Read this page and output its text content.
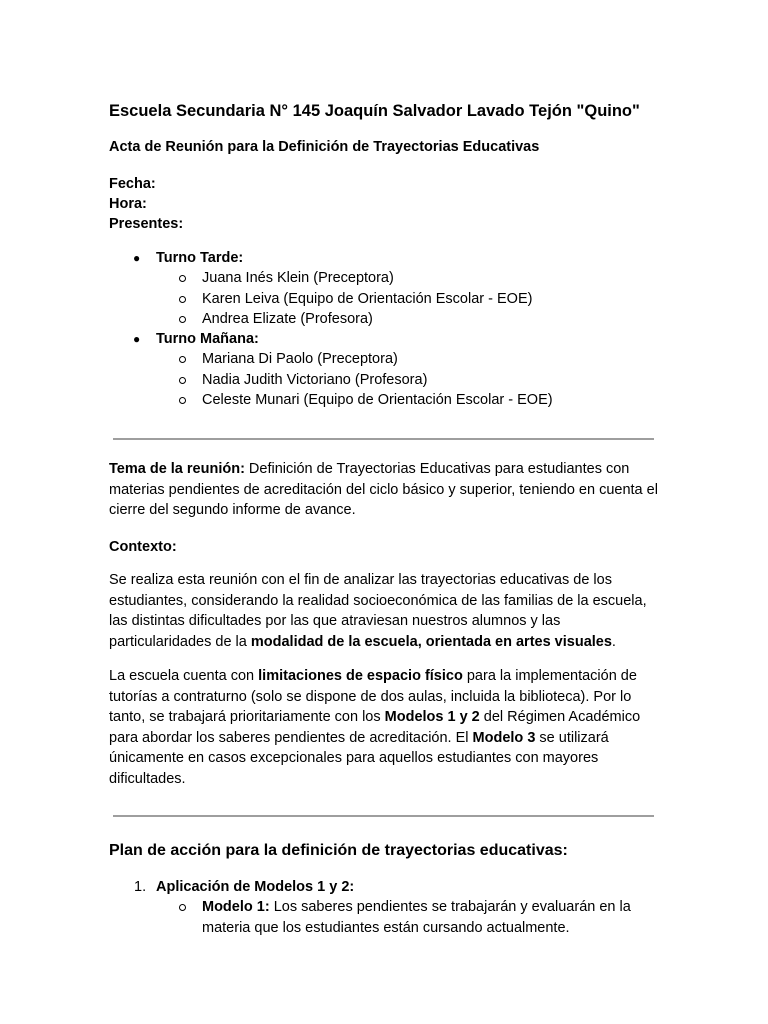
Escuela Secundaria N° 145 Joaquín Salvador Lavado Tejón "Quino"
Acta de Reunión para la Definición de Trayectorias Educativas
Fecha:
Hora:
Presentes:
● Turno Tarde:
Juana Inés Klein (Preceptora)
Karen Leiva (Equipo de Orientación Escolar - EOE)
Andrea Elizate (Profesora)
● Turno Mañana:
Mariana Di Paolo (Preceptora)
Nadia Judith Victoriano (Profesora)
Celeste Munari (Equipo de Orientación Escolar - EOE)
Tema de la reunión: Definición de Trayectorias Educativas para estudiantes con materias pendientes de acreditación del ciclo básico y superior, teniendo en cuenta el cierre del segundo informe de avance.
Contexto:
Se realiza esta reunión con el fin de analizar las trayectorias educativas de los estudiantes, considerando la realidad socioeconómica de las familias de la escuela, las distintas dificultades por las que atraviesan nuestros alumnos y las particularidades de la modalidad de la escuela, orientada en artes visuales.
La escuela cuenta con limitaciones de espacio físico para la implementación de tutorías a contraturno (solo se dispone de dos aulas, incluida la biblioteca). Por lo tanto, se trabajará prioritariamente con los Modelos 1 y 2 del Régimen Académico para abordar los saberes pendientes de acreditación. El Modelo 3 se utilizará únicamente en casos excepcionales para aquellos estudiantes con mayores dificultades.
Plan de acción para la definición de trayectorias educativas:
1. Aplicación de Modelos 1 y 2:
Modelo 1: Los saberes pendientes se trabajarán y evaluarán en la materia que los estudiantes están cursando actualmente.
